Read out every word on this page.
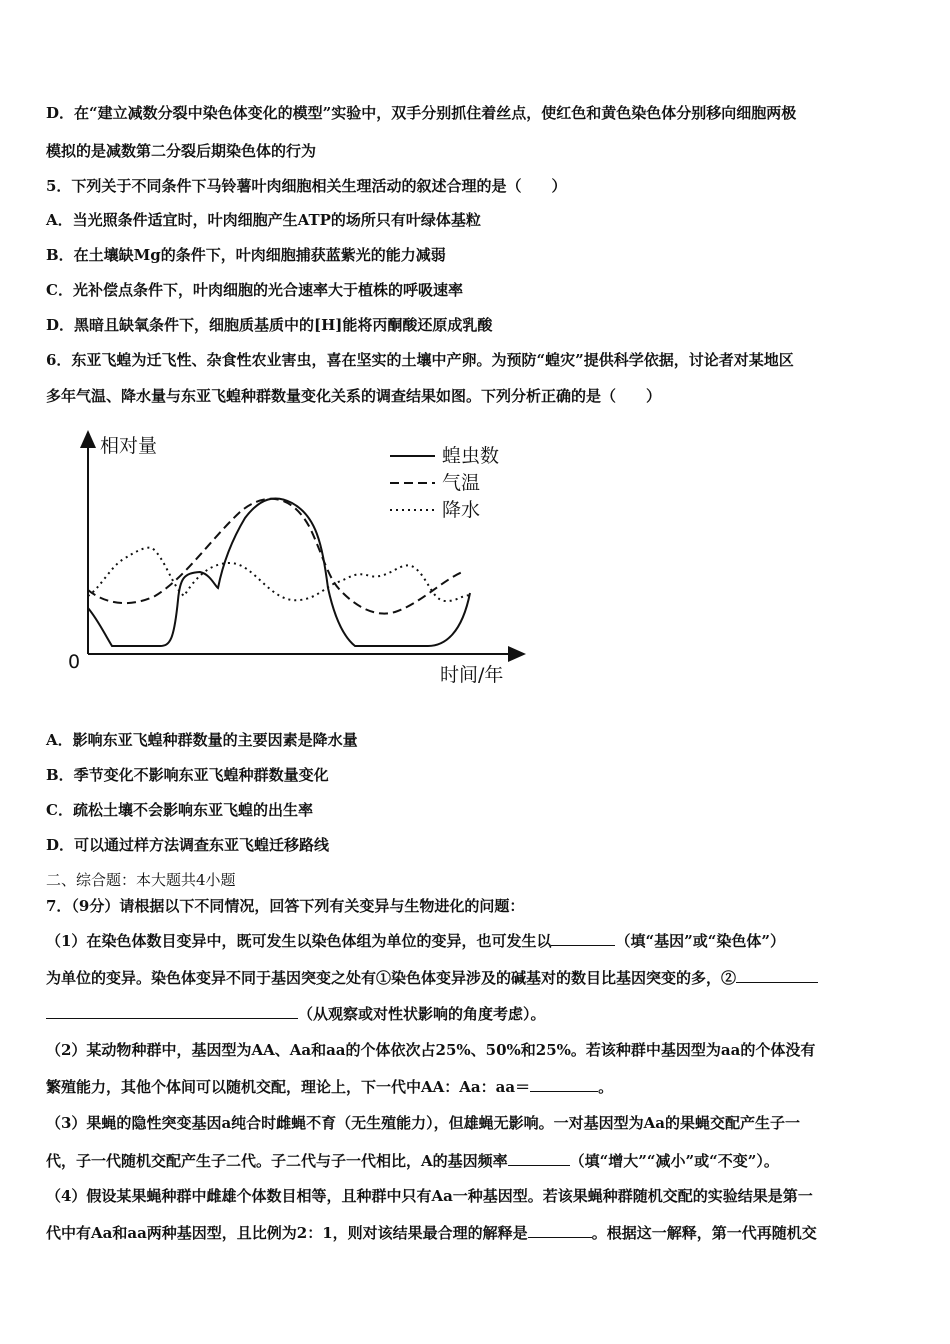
D．在“建立减数分裂中染色体变化的模型”实验中，双手分别抓住着丝点，使红色和黄色染色体分别移向细胞两极
模拟的是减数第二分裂后期染色体的行为
5．下列关于不同条件下马铃薯叶肉细胞相关生理活动的叙述合理的是（　　）
A．当光照条件适宜时，叶肉细胞产生ATP的场所只有叶绿体基粒
B．在土壤缺Mg的条件下，叶肉细胞捕获蓝紫光的能力减弱
C．光补偿点条件下，叶肉细胞的光合速率大于植株的呼吸速率
D．黑暗且缺氧条件下，细胞质基质中的[H]能将丙酮酸还原成乳酸
6．东亚飞蝗为迁飞性、杂食性农业害虫，喜在坚实的土壤中产卵。为预防“蝗灾”提供科学依据，讨论者对某地区
多年气温、降水量与东亚飞蝗种群数量变化关系的调查结果如图。下列分析正确的是（　　）
相对量
0
时间/年
蝗虫数
气温
降水
A．影响东亚飞蝗种群数量的主要因素是降水量
B．季节变化不影响东亚飞蝗种群数量变化
C．疏松土壤不会影响东亚飞蝗的出生率
D．可以通过样方法调查东亚飞蝗迁移路线
二、综合题：本大题共4小题
7．（9分）请根据以下不同情况，回答下列有关变异与生物进化的问题：
（1）在染色体数目变异中，既可发生以染色体组为单位的变异，也可发生以	（填“基因”或“染色体”）
为单位的变异。染色体变异不同于基因突变之处有①染色体变异涉及的碱基对的数目比基因突变的多，②
（从观察或对性状影响的角度考虑）。
（2）某动物种群中，基因型为AA、Aa和aa的个体依次占25%、50%和25%。若该种群中基因型为aa的个体没有
繁殖能力，其他个体间可以随机交配，理论上，下一代中AA：Aa：aa＝	。
（3）果蝇的隐性突变基因a纯合时雌蝇不育（无生殖能力），但雄蝇无影响。一对基因型为Aa的果蝇交配产生子一
代，子一代随机交配产生子二代。子二代与子一代相比，A的基因频率	（填“增大”“减小”或“不变”）。
（4）假设某果蝇种群中雌雄个体数目相等，且种群中只有Aa一种基因型。若该果蝇种群随机交配的实验结果是第一
代中有Aa和aa两种基因型，且比例为2：1，则对该结果最合理的解释是	。根据这一解释，第一代再随机交
